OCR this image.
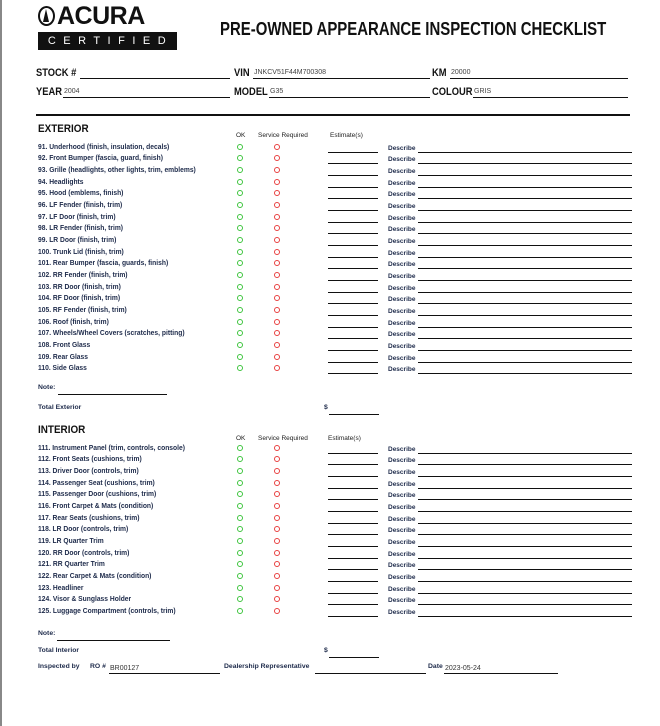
ACURA
CERTIFIED
PRE-OWNED APPEARANCE INSPECTION CHECKLIST
STOCK #	VIN JNKCV51F44M700308	KM 20000
YEAR 2004	MODEL G35	COLOUR GRIS
EXTERIOR
OK Service Required	Estimate(s)
91. Underhood (finish, insulation, decals)	Describe
92. Front Bumper (fascia, guard, finish)	Describe
93. Grille (headlights, other lights, trim, emblems)	Describe
94. Headlights	Describe
95. Hood (emblems, finish)	Describe
96. LF Fender (finish, trim)	Describe
97. LF Door (finish, trim)	Describe
98. LR Fender (finish, trim)	Describe
99. LR Door (finish, trim)	Describe
100. Trunk Lid (finish, trim)	Describe
101. Rear Bumper (fascia, guards, finish)	Describe
102. RR Fender (finish, trim)	Describe
103. RR Door (finish, trim)	Describe
104. RF Door (finish, trim)	Describe
105. RF Fender (finish, trim)	Describe
106. Roof (finish, trim)	Describe
107. Wheels/Wheel Covers (scratches, pitting)	Describe
108. Front Glass	Describe
109. Rear Glass	Describe
110. Side Glass	Describe
Note:
Total Exterior	$
INTERIOR
OK Service Required	Estimate(s)
111. Instrument Panel (trim, controls, console)	Describe
112. Front Seats (cushions, trim)	Describe
113. Driver Door (controls, trim)	Describe
114. Passenger Seat (cushions, trim)	Describe
115. Passenger Door (cushions, trim)	Describe
116. Front Carpet & Mats (condition)	Describe
117. Rear Seats (cushions, trim)	Describe
118. LR Door (controls, trim)	Describe
119. LR Quarter Trim	Describe
120. RR Door (controls, trim)	Describe
121. RR Quarter Trim	Describe
122. Rear Carpet & Mats (condition)	Describe
123. Headliner	Describe
124. Visor & Sunglass Holder	Describe
125. Luggage Compartment (controls, trim)	Describe
Note:
Total Interior	$
Inspected by RO # BR00127	Dealership Representative	Date 2023-05-24
